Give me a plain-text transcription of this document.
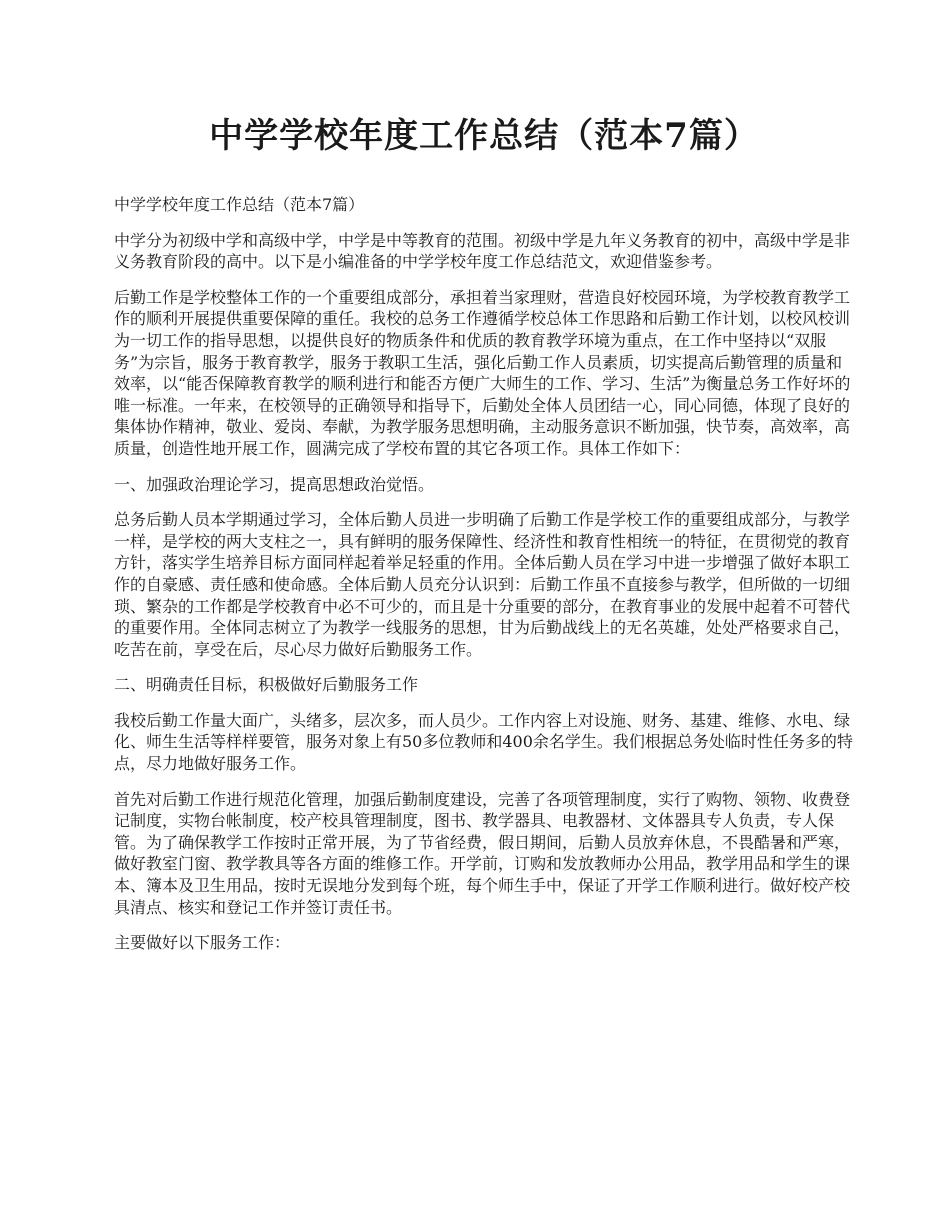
中学学校年度工作总结（范本7篇）

中学学校年度工作总结（范本7篇）

中学分为初级中学和高级中学，中学是中等教育的范围。初级中学是九年义务教育的初中，高级中学是非义务教育阶段的高中。以下是小编准备的中学学校年度工作总结范文，欢迎借鉴参考。

后勤工作是学校整体工作的一个重要组成部分，承担着当家理财，营造良好校园环境，为学校教育教学工作的顺利开展提供重要保障的重任。我校的总务工作遵循学校总体工作思路和后勤工作计划，以校风校训为一切工作的指导思想，以提供良好的物质条件和优质的教育教学环境为重点，在工作中坚持以“双服务”为宗旨，服务于教育教学，服务于教职工生活，强化后勤工作人员素质，切实提高后勤管理的质量和效率，以“能否保障教育教学的顺利进行和能否方便广大师生的工作、学习、生活”为衡量总务工作好坏的唯一标准。一年来，在校领导的正确领导和指导下，后勤处全体人员团结一心，同心同德，体现了良好的集体协作精神，敬业、爱岗、奉献，为教学服务思想明确，主动服务意识不断加强，快节奏，高效率，高质量，创造性地开展工作，圆满完成了学校布置的其它各项工作。具体工作如下：

一、加强政治理论学习，提高思想政治觉悟。

总务后勤人员本学期通过学习，全体后勤人员进一步明确了后勤工作是学校工作的重要组成部分，与教学一样，是学校的两大支柱之一，具有鲜明的服务保障性、经济性和教育性相统一的特征，在贯彻党的教育方针，落实学生培养目标方面同样起着举足轻重的作用。全体后勤人员在学习中进一步增强了做好本职工作的自豪感、责任感和使命感。全体后勤人员充分认识到：后勤工作虽不直接参与教学，但所做的一切细琐、繁杂的工作都是学校教育中必不可少的，而且是十分重要的部分，在教育事业的发展中起着不可替代的重要作用。全体同志树立了为教学一线服务的思想，甘为后勤战线上的无名英雄，处处严格要求自己，吃苦在前，享受在后，尽心尽力做好后勤服务工作。

二、明确责任目标，积极做好后勤服务工作

我校后勤工作量大面广，头绪多，层次多，而人员少。工作内容上对设施、财务、基建、维修、水电、绿化、师生生活等样样要管，服务对象上有50多位教师和400余名学生。我们根据总务处临时性任务多的特点，尽力地做好服务工作。

首先对后勤工作进行规范化管理，加强后勤制度建设，完善了各项管理制度，实行了购物、领物、收费登记制度，实物台帐制度，校产校具管理制度，图书、教学器具、电教器材、文体器具专人负责，专人保管。为了确保教学工作按时正常开展，为了节省经费，假日期间，后勤人员放弃休息，不畏酷暑和严寒，做好教室门窗、教学教具等各方面的维修工作。开学前，订购和发放教师办公用品，教学用品和学生的课本、簿本及卫生用品，按时无误地分发到每个班，每个师生手中，保证了开学工作顺利进行。做好校产校具清点、核实和登记工作并签订责任书。

主要做好以下服务工作：
